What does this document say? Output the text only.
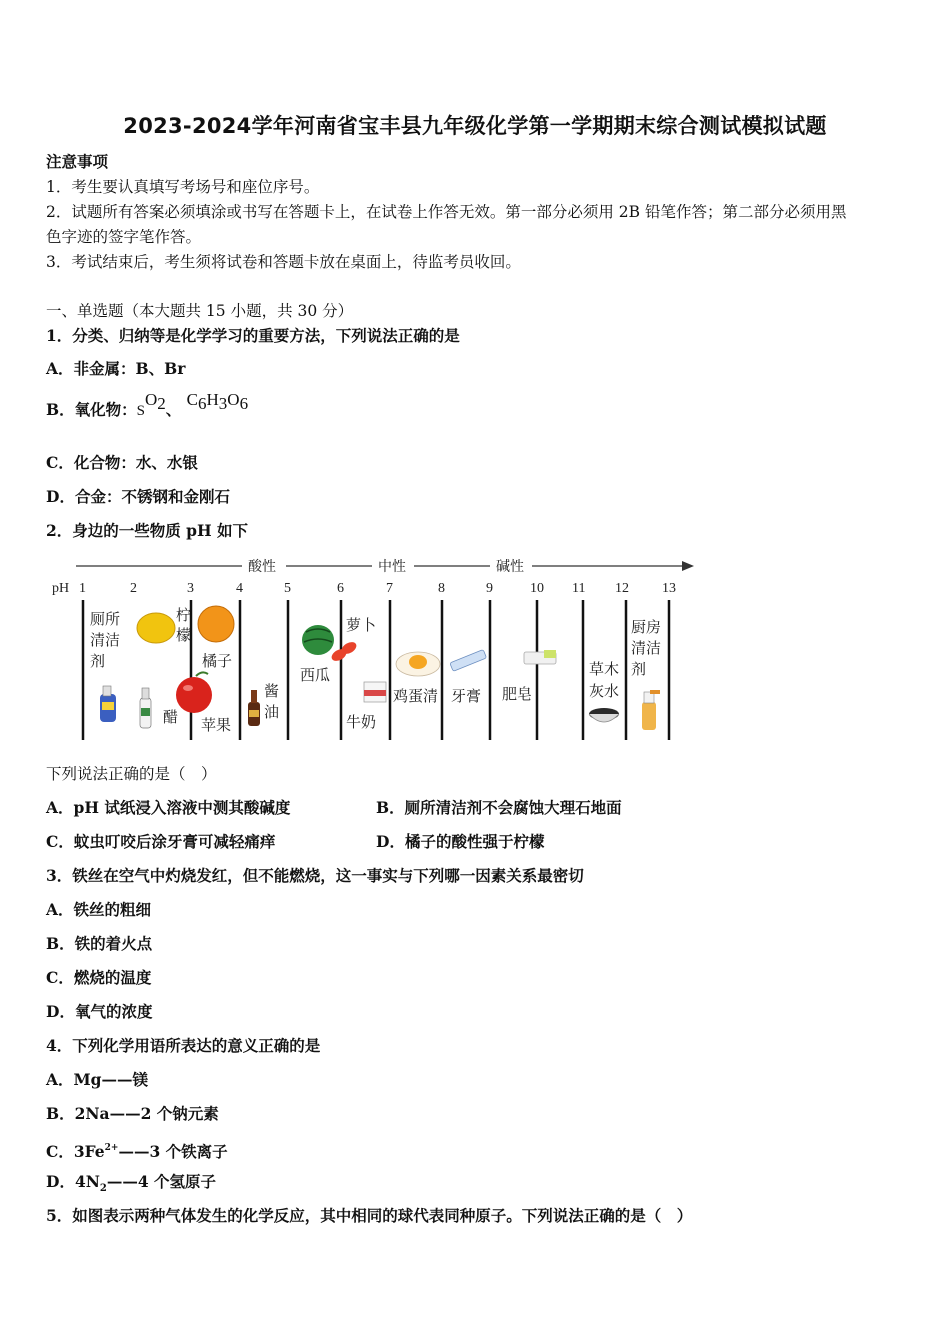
2023-2024学年河南省宝丰县九年级化学第一学期期末综合测试模拟试题
注意事项
1．考生要认真填写考场号和座位序号。
2．试题所有答案必须填涂或书写在答题卡上，在试卷上作答无效。第一部分必须用 2B 铅笔作答；第二部分必须用黑
色字迹的签字笔作答。
3．考试结束后，考生须将试卷和答题卡放在桌面上，待监考员收回。
一、单选题（本大题共 15 小题，共 30 分）
1．分类、归纳等是化学学习的重要方法，下列说法正确的是
A．非金属：B、Br
B．氧化物：SO2、 C6H3O6
C．化合物：水、水银
D．合金：不锈钢和金刚石
2．身边的一些物质 pH 如下
酸性	中性	碱性
pH 1	2	3	4	5	6	7	8	9	10 11 12 13
厕所清洁剂
柠檬
橘子
醋 苹果
酱油
西瓜
萝卜
牛奶
鸡蛋清 牙膏 肥皂
草木灰水
厨房清洁剂
下列说法正确的是（　）
A．pH 试纸浸入溶液中测其酸碱度	B．厕所清洁剂不会腐蚀大理石地面
C．蚊虫叮咬后涂牙膏可减轻痛痒	D．橘子的酸性强于柠檬
3．铁丝在空气中灼烧发红，但不能燃烧，这一事实与下列哪一因素关系最密切
A．铁丝的粗细
B．铁的着火点
C．燃烧的温度
D．氧气的浓度
4．下列化学用语所表达的意义正确的是
A．Mg——镁
B．2Na——2 个钠元素
C．$3Fe^{2+}——3$ 个铁离子
D．$4N_2——4$ 个氢原子
5．如图表示两种气体发生的化学反应，其中相同的球代表同种原子。下列说法正确的是（　）
